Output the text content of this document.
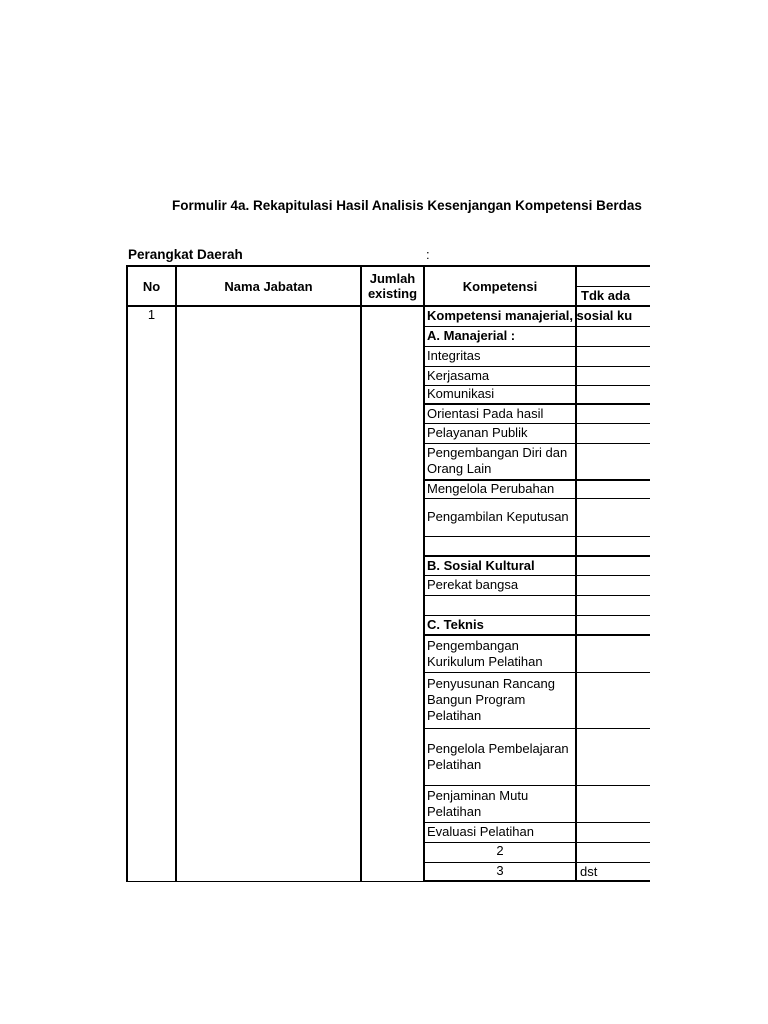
Formulir 4a. Rekapitulasi Hasil Analisis Kesenjangan Kompetensi Berdas
Perangkat Daerah	:
No	Nama Jabatan	Jumlah existing	Kompetensi				
				Tdk ada			
1			Kompetensi manajerial, sosial ku				
			A. Manajerial :				
			Integritas				
			Kerjasama				
			Komunikasi				
			Orientasi Pada hasil				
			Pelayanan Publik				
			Pengembangan Diri dan Orang Lain				
			Mengelola Perubahan				
			Pengambilan Keputusan				

			B. Sosial Kultural				
			Perekat bangsa				

			C. Teknis				
			Pengembangan Kurikulum Pelatihan				
			Penyusunan Rancang Bangun Program Pelatihan				
			Pengelola Pembelajaran Pelatihan				
			Penjaminan Mutu Pelatihan				
			Evaluasi Pelatihan				
			2				
			3	dst			
